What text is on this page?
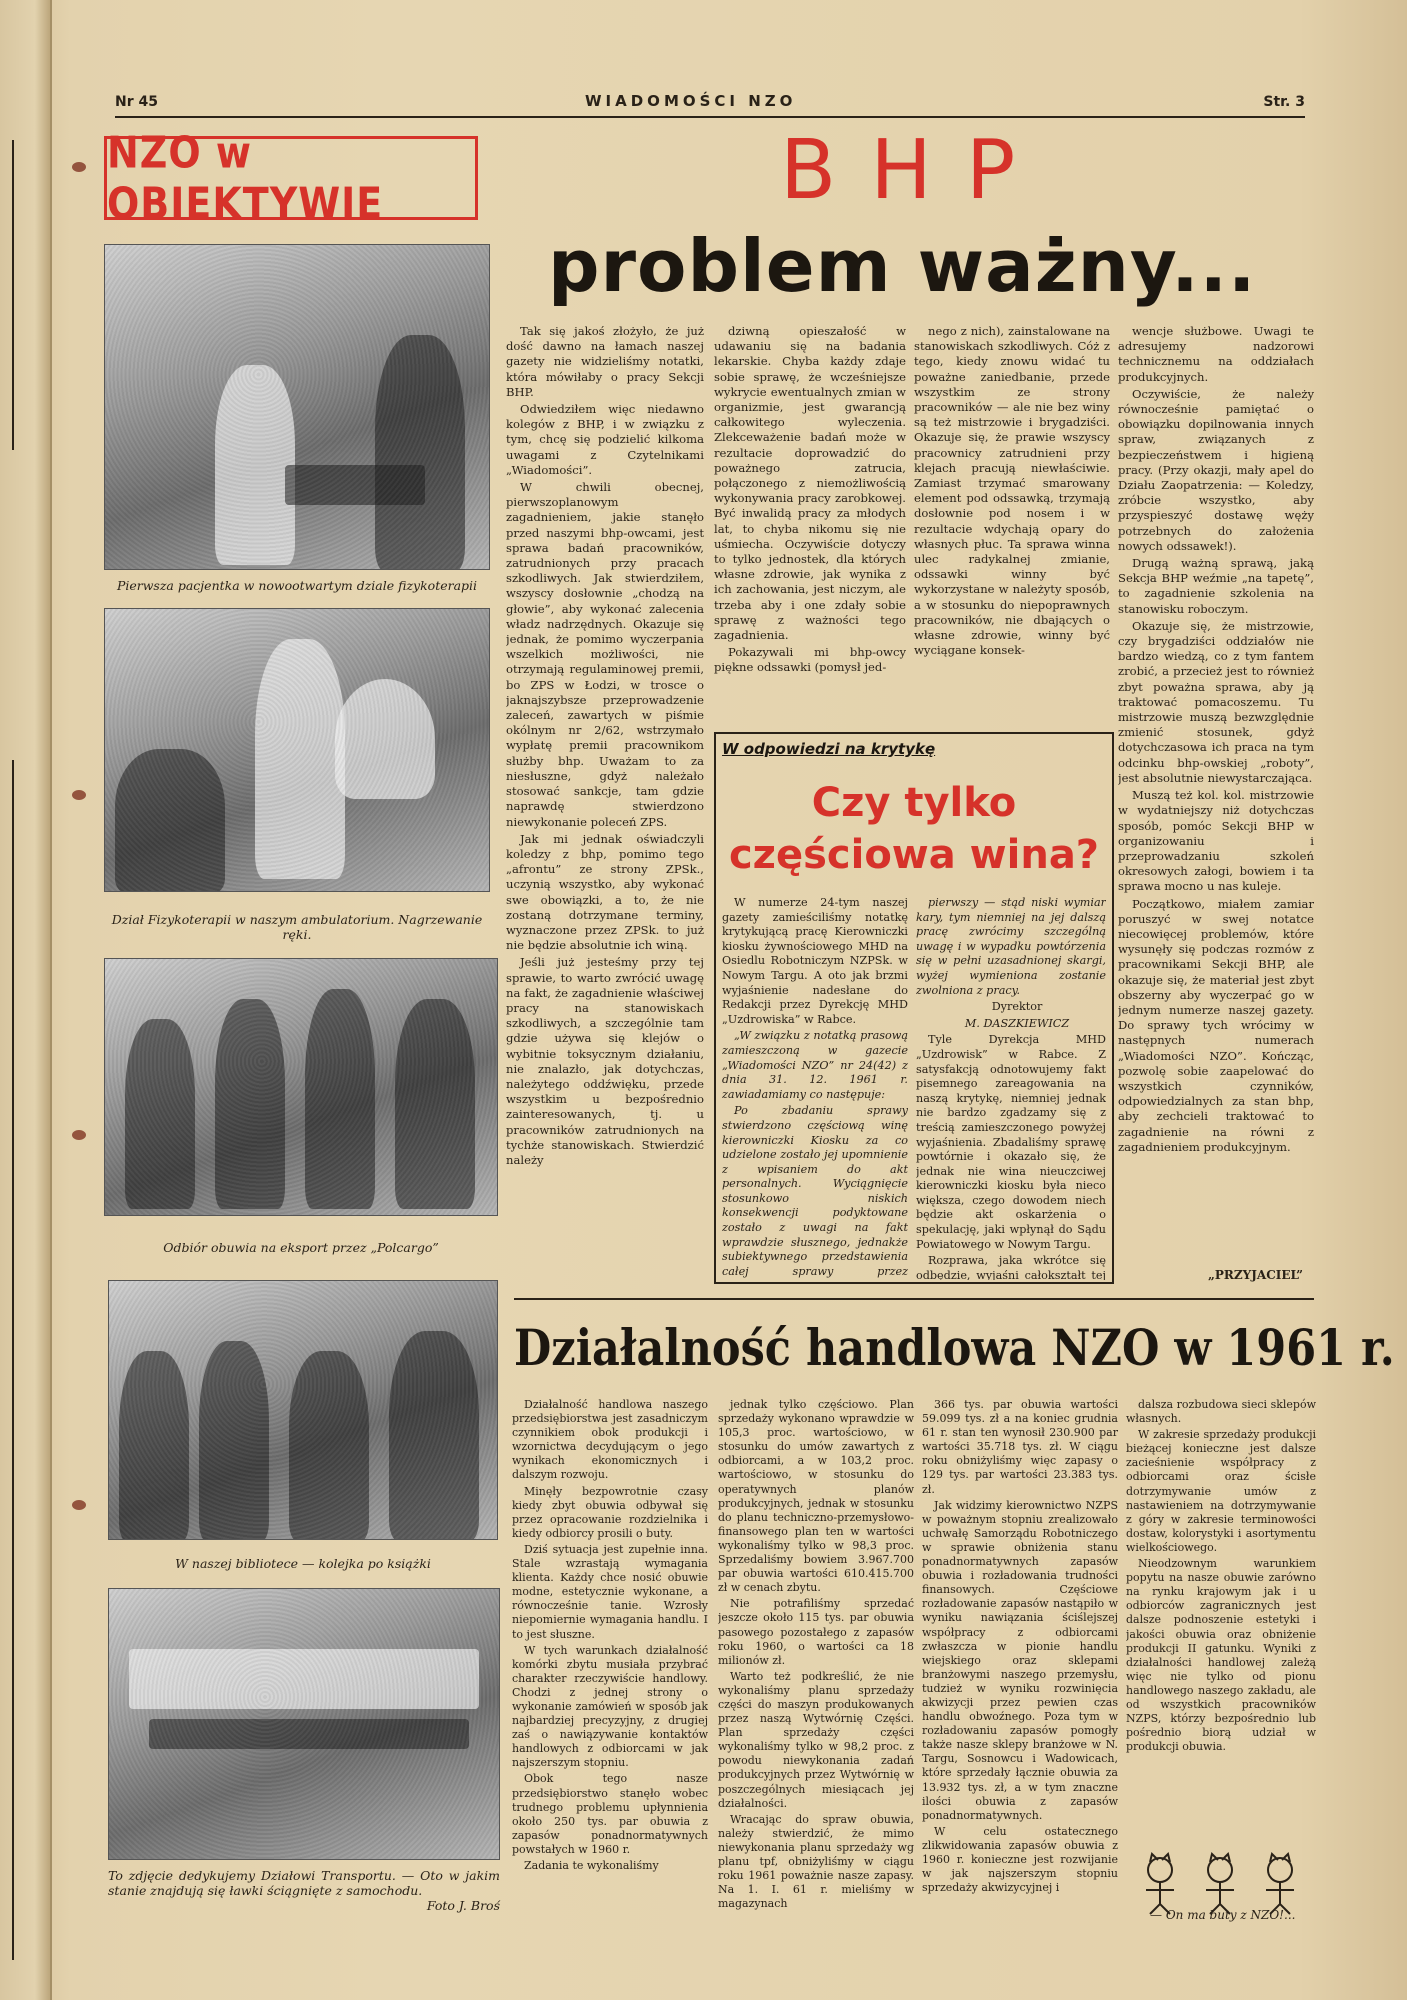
Nr 45	WIADOMOŚCI NZO	Str. 3
NZO w OBIEKTYWIE
Pierwsza pacjentka w nowootwartym dziale fizykoterapii
Dział Fizykoterapii w naszym ambulatorium. Nagrzewanie ręki.
Odbiór obuwia na eksport przez „Polcargo”
W naszej bibliotece — kolejka po książki
To zdjęcie dedykujemy Działowi Transportu. — Oto w jakim stanie znajdują się ławki ściągnięte z samochodu.
Foto J. Broś
BHP
problem ważny...

Tak się jakoś złożyło, że już dość dawno na łamach naszej gazety nie widzieliśmy notatki, która mówiłaby o pracy Sekcji BHP.

Odwiedziłem więc niedawno kolegów z BHP, i w związku z tym, chcę się podzielić kilkoma uwagami z Czytelnikami „Wiadomości”.

W chwili obecnej, pierwszoplanowym zagadnieniem, jakie stanęło przed naszymi bhp-owcami, jest sprawa badań pracowników, zatrudnionych przy pracach szkodliwych. Jak stwierdziłem, wszyscy dosłownie „chodzą na głowie”, aby wykonać zalecenia władz nadrzędnych. Okazuje się jednak, że pomimo wyczerpania wszelkich możliwości, nie otrzymają regulaminowej premii, bo ZPS w Łodzi, w trosce o jaknajszybsze przeprowadzenie zaleceń, zawartych w piśmie okólnym nr 2/62, wstrzymało wypłatę premii pracownikom służby bhp. Uważam to za niesłuszne, gdyż należało stosować sankcje, tam gdzie naprawdę stwierdzono niewykonanie poleceń ZPS.

Jak mi jednak oświadczyli koledzy z bhp, pomimo tego „afrontu” ze strony ZPSk., uczynią wszystko, aby wykonać swe obowiązki, a to, że nie zostaną dotrzymane terminy, wyznaczone przez ZPSk. to już nie będzie absolutnie ich winą.

Jeśli już jesteśmy przy tej sprawie, to warto zwrócić uwagę na fakt, że zagadnienie właściwej pracy na stanowiskach szkodliwych, a szczególnie tam gdzie używa się klejów o wybitnie toksycznym działaniu, nie znalazło, jak dotychczas, należytego oddźwięku, przede wszystkim u bezpośrednio zainteresowanych, tj. u pracowników zatrudnionych na tychże stanowiskach. Stwierdzić należy

dziwną opieszałość w udawaniu się na badania lekarskie. Chyba każdy zdaje sobie sprawę, że wcześniejsze wykrycie ewentualnych zmian w organizmie, jest gwarancją całkowitego wyleczenia. Zlekceważenie badań może w rezultacie doprowadzić do poważnego zatrucia, połączonego z niemożliwością wykonywania pracy zarobkowej. Być inwalidą pracy za młodych lat, to chyba nikomu się nie uśmiecha. Oczywiście dotyczy to tylko jednostek, dla których własne zdrowie, jak wynika z ich zachowania, jest niczym, ale trzeba aby i one zdały sobie sprawę z ważności tego zagadnienia.

Pokazywali mi bhp-owcy piękne odssawki (pomysł jed-

nego z nich), zainstalowane na stanowiskach szkodliwych. Cóż z tego, kiedy znowu widać tu poważne zaniedbanie, przede wszystkim ze strony pracowników — ale nie bez winy są też mistrzowie i brygadziści. Okazuje się, że prawie wszyscy pracownicy zatrudnieni przy klejach pracują niewłaściwie. Zamiast trzymać smarowany element pod odssawką, trzymają dosłownie pod nosem i w rezultacie wdychają opary do własnych płuc. Ta sprawa winna ulec radykalnej zmianie, odssawki winny być wykorzystane w należyty sposób, a w stosunku do niepoprawnych pracowników, nie dbających o własne zdrowie, winny być wyciągane konsek-

wencje służbowe. Uwagi te adresujemy nadzorowi technicznemu na oddziałach produkcyjnych.

Oczywiście, że należy równocześnie pamiętać o obowiązku dopilnowania innych spraw, związanych z bezpieczeństwem i higieną pracy. (Przy okazji, mały apel do Działu Zaopatrzenia: — Koledzy, zróbcie wszystko, aby przyspieszyć dostawę węży potrzebnych do założenia nowych odssawek!).

Drugą ważną sprawą, jaką Sekcja BHP weźmie „na tapetę”, to zagadnienie szkolenia na stanowisku roboczym.

Okazuje się, że mistrzowie, czy brygadziści oddziałów nie bardzo wiedzą, co z tym fantem zrobić, a przecież jest to również zbyt poważna sprawa, aby ją traktować pomacoszemu. Tu mistrzowie muszą bezwzględnie zmienić stosunek, gdyż dotychczasowa ich praca na tym odcinku bhp-owskiej „roboty”, jest absolutnie niewystarczająca.

Muszą też kol. kol. mistrzowie w wydatniejszy niż dotychczas sposób, pomóc Sekcji BHP w organizowaniu i przeprowadzaniu szkoleń okresowych załogi, bowiem i ta sprawa mocno u nas kuleje.

Początkowo, miałem zamiar poruszyć w swej notatce niecowięcej problemów, które wysunęły się podczas rozmów z pracownikami Sekcji BHP, ale okazuje się, że materiał jest zbyt obszerny aby wyczerpać go w jednym numerze naszej gazety. Do sprawy tych wrócimy w następnych numerach „Wiadomości NZO”. Kończąc, pozwolę sobie zaapelować do wszystkich czynników, odpowiedzialnych za stan bhp, aby zechcieli traktować to zagadnienie na równi z zagadnieniem produkcyjnym.

„PRZYJACIEL”
W odpowiedzi na krytykę
Czy tylko
częściowa wina?

W numerze 24-tym naszej gazety zamieściliśmy notatkę krytykującą pracę Kierowniczki kiosku żywnościowego MHD na Osiedlu Robotniczym NZPSk. w Nowym Targu. A oto jak brzmi wyjaśnienie nadesłane do Redakcji przez Dyrekcję MHD „Uzdrowiska” w Rabce.

„W związku z notatką prasową zamieszczoną w gazecie „Wiadomości NZO” nr 24(42) z dnia 31. 12. 1961 r. zawiadamiamy co następuje:

Po zbadaniu sprawy stwierdzono częściową winę kierowniczki Kiosku za co udzielone zostało jej upomnienie z wpisaniem do akt personalnych. Wyciągnięcie stosunkowo niskich konsekwencji podyktowane zostało z uwagi na fakt wprawdzie słusznego, jednakże subiektywnego przedstawienia całej sprawy przez

pierwszy — stąd niski wymiar kary, tym niemniej na jej dalszą pracę zwrócimy szczególną uwagę i w wypadku powtórzenia się w pełni uzasadnionej skargi, wyżej wymieniona zostanie zwolniona z pracy.

Dyrektor

M. DASZKIEWICZ

Tyle Dyrekcja MHD „Uzdrowisk” w Rabce. Z satysfakcją odnotowujemy fakt pisemnego zareagowania na naszą krytykę, niemniej jednak nie bardzo zgadzamy się z treścią zamieszczonego powyżej wyjaśnienia. Zbadaliśmy sprawę powtórnie i okazało się, że jednak nie wina nieuczciwej kierowniczki kiosku była nieco większa, czego dowodem niech będzie akt oskarżenia o spekulację, jaki wpłynął do Sądu Powiatowego w Nowym Targu.

Rozprawa, jaka wkrótce się odbędzie, wyjaśni całokształt tej

Działalność handlowa NZO w 1961 r.

Działalność handlowa naszego przedsiębiorstwa jest zasadniczym czynnikiem obok produkcji i wzornictwa decydującym o jego wynikach ekonomicznych i dalszym rozwoju.

Minęły bezpowrotnie czasy kiedy zbyt obuwia odbywał się przez opracowanie rozdzielnika i kiedy odbiorcy prosili o buty.

Dziś sytuacja jest zupełnie inna. Stale wzrastają wymagania klienta. Każdy chce nosić obuwie modne, estetycznie wykonane, a równocześnie tanie. Wzrosły niepomiernie wymagania handlu. I to jest słuszne.

W tych warunkach działalność komórki zbytu musiała przybrać charakter rzeczywiście handlowy. Chodzi z jednej strony o wykonanie zamówień w sposób jak najbardziej precyzyjny, z drugiej zaś o nawiązywanie kontaktów handlowych z odbiorcami w jak najszerszym stopniu.

Obok tego nasze przedsiębiorstwo stanęło wobec trudnego problemu upłynnienia około 250 tys. par obuwia z zapasów ponadnormatywnych powstałych w 1960 r.

Zadania te wykonaliśmy

jednak tylko częściowo. Plan sprzedaży wykonano wprawdzie w 105,3 proc. wartościowo, w stosunku do umów zawartych z odbiorcami, a w 103,2 proc. wartościowo, w stosunku do operatywnych planów produkcyjnych, jednak w stosunku do planu techniczno-przemysłowo-finansowego plan ten w wartości wykonaliśmy tylko w 98,3 proc. Sprzedaliśmy bowiem 3.967.700 par obuwia wartości 610.415.700 zł w cenach zbytu.

Nie potrafiliśmy sprzedać jeszcze około 115 tys. par obuwia pasowego pozostałego z zapasów roku 1960, o wartości ca 18 milionów zł.

Warto też podkreślić, że nie wykonaliśmy planu sprzedaży części do maszyn produkowanych przez naszą Wytwórnię Części. Plan sprzedaży części wykonaliśmy tylko w 98,2 proc. z powodu niewykonania zadań produkcyjnych przez Wytwórnię w poszczególnych miesiącach jej działalności.

Wracając do spraw obuwia, należy stwierdzić, że mimo niewykonania planu sprzedaży wg planu tpf, obniżyliśmy w ciągu roku 1961 poważnie nasze zapasy. Na 1. I. 61 r. mieliśmy w magazynach

366 tys. par obuwia wartości 59.099 tys. zł a na koniec grudnia 61 r. stan ten wynosił 230.900 par wartości 35.718 tys. zł. W ciągu roku obniżyliśmy więc zapasy o 129 tys. par wartości 23.383 tys. zł.

Jak widzimy kierownictwo NZPS w poważnym stopniu zrealizowało uchwałę Samorządu Robotniczego w sprawie obniżenia stanu ponadnormatywnych zapasów obuwia i rozładowania trudności finansowych. Częściowe rozładowanie zapasów nastąpiło w wyniku nawiązania ściślejszej współpracy z odbiorcami zwłaszcza w pionie handlu wiejskiego oraz sklepami branżowymi naszego przemysłu, tudzież w wyniku rozwinięcia akwizycji przez pewien czas handlu obwoźnego. Poza tym w rozładowaniu zapasów pomogły także nasze sklepy branżowe w N. Targu, Sosnowcu i Wadowicach, które sprzedały łącznie obuwia za 13.932 tys. zł, a w tym znaczne ilości obuwia z zapasów ponadnormatywnych.

W celu ostatecznego zlikwidowania zapasów obuwia z 1960 r. konieczne jest rozwijanie w jak najszerszym stopniu sprzedaży akwizycyjnej i

dalsza rozbudowa sieci sklepów własnych.

W zakresie sprzedaży produkcji bieżącej konieczne jest dalsze zacieśnienie współpracy z odbiorcami oraz ścisłe dotrzymywanie umów z nastawieniem na dotrzymywanie z góry w zakresie terminowości dostaw, kolorystyki i asortymentu wielkościowego.

Nieodzownym warunkiem popytu na nasze obuwie zarówno na rynku krajowym jak i u odbiorców zagranicznych jest dalsze podnoszenie estetyki i jakości obuwia oraz obniżenie produkcji II gatunku. Wyniki z działalności handlowej zależą więc nie tylko od pionu handlowego naszego zakładu, ale od wszystkich pracowników NZPS, którzy bezpośrednio lub pośrednio biorą udział w produkcji obuwia.

— On ma buty z NZO!...
